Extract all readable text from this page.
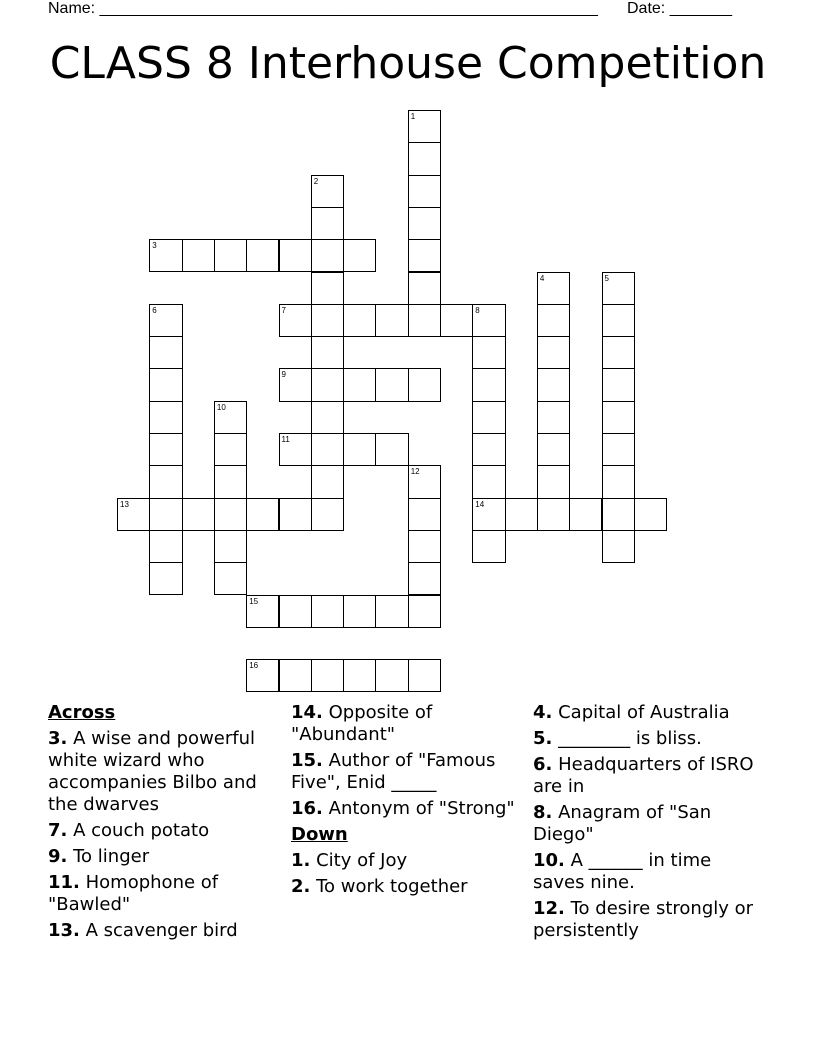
Name: ________________________________________________________ Date: _______
CLASS 8 Interhouse Competition
1
2
3
4	5
6	7	8
9
10
11
12
13	14
15
16
Across
3. A wise and powerful white wizard who accompanies Bilbo and the dwarves
7. A couch potato
9. To linger
11. Homophone of "Bawled"
13. A scavenger bird
14. Opposite of "Abundant"
15. Author of "Famous Five", Enid _____
16. Antonym of "Strong"
Down
1. City of Joy
2. To work together
4. Capital of Australia
5. ________ is bliss.
6. Headquarters of ISRO are in
8. Anagram of "San Diego"
10. A ______ in time saves nine.
12. To desire strongly or persistently
